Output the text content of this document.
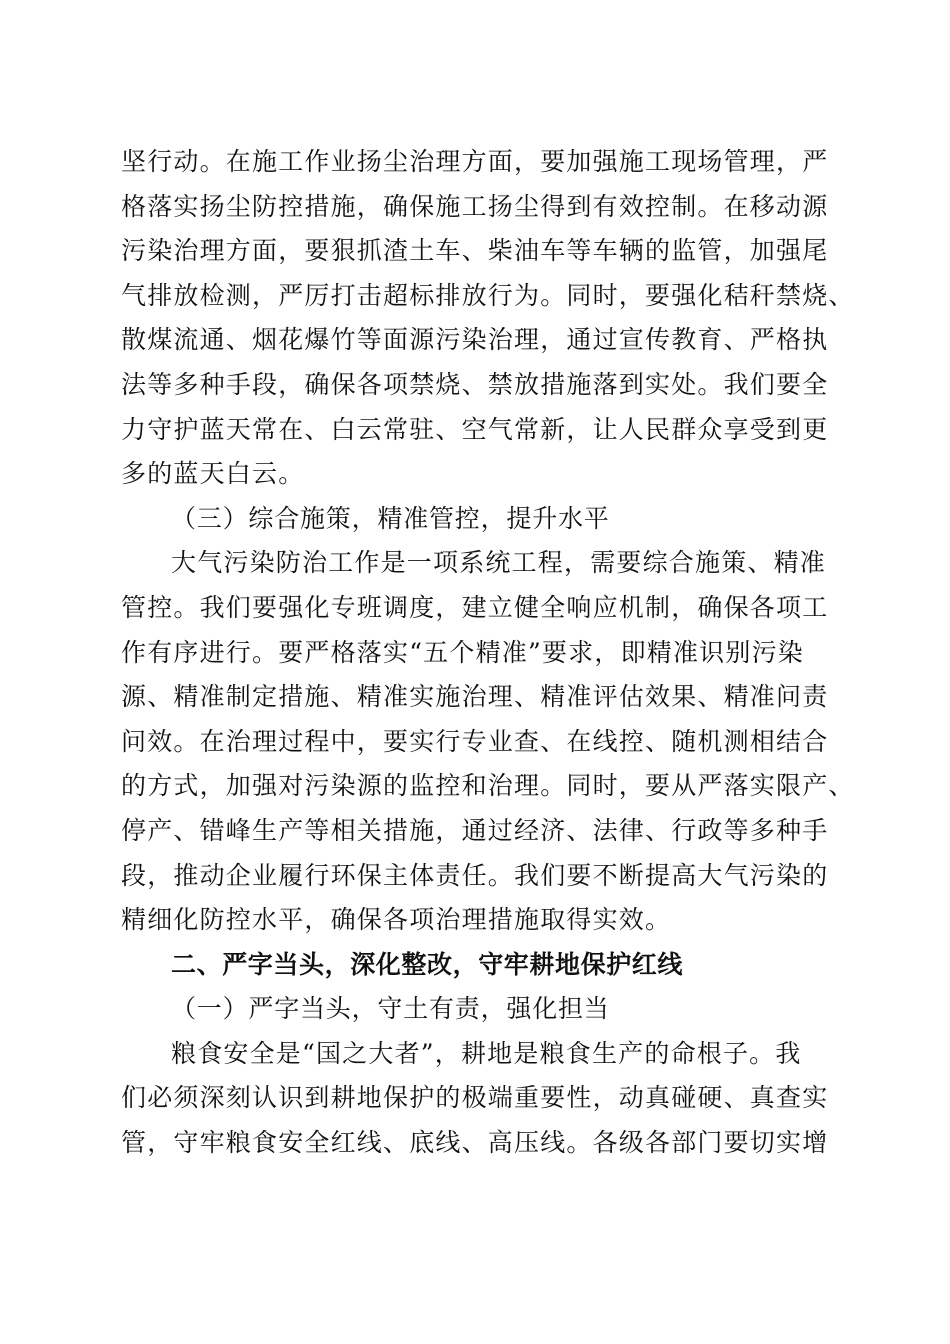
坚行动。在施工作业扬尘治理方面，要加强施工现场管理，严
格落实扬尘防控措施，确保施工扬尘得到有效控制。在移动源
污染治理方面，要狠抓渣土车、柴油车等车辆的监管，加强尾
气排放检测，严厉打击超标排放行为。同时，要强化秸秆禁烧、
散煤流通、烟花爆竹等面源污染治理，通过宣传教育、严格执
法等多种手段，确保各项禁烧、禁放措施落到实处。我们要全
力守护蓝天常在、白云常驻、空气常新，让人民群众享受到更
多的蓝天白云。
（三）综合施策，精准管控，提升水平
大气污染防治工作是一项系统工程，需要综合施策、精准
管控。我们要强化专班调度，建立健全响应机制，确保各项工
作有序进行。要严格落实“五个精准”要求，即精准识别污染
源、精准制定措施、精准实施治理、精准评估效果、精准问责
问效。在治理过程中，要实行专业查、在线控、随机测相结合
的方式，加强对污染源的监控和治理。同时，要从严落实限产、
停产、错峰生产等相关措施，通过经济、法律、行政等多种手
段，推动企业履行环保主体责任。我们要不断提高大气污染的
精细化防控水平，确保各项治理措施取得实效。
二、严字当头，深化整改，守牢耕地保护红线
（一）严字当头，守土有责，强化担当
粮食安全是“国之大者”，耕地是粮食生产的命根子。我
们必须深刻认识到耕地保护的极端重要性，动真碰硬、真查实
管，守牢粮食安全红线、底线、高压线。各级各部门要切实增
